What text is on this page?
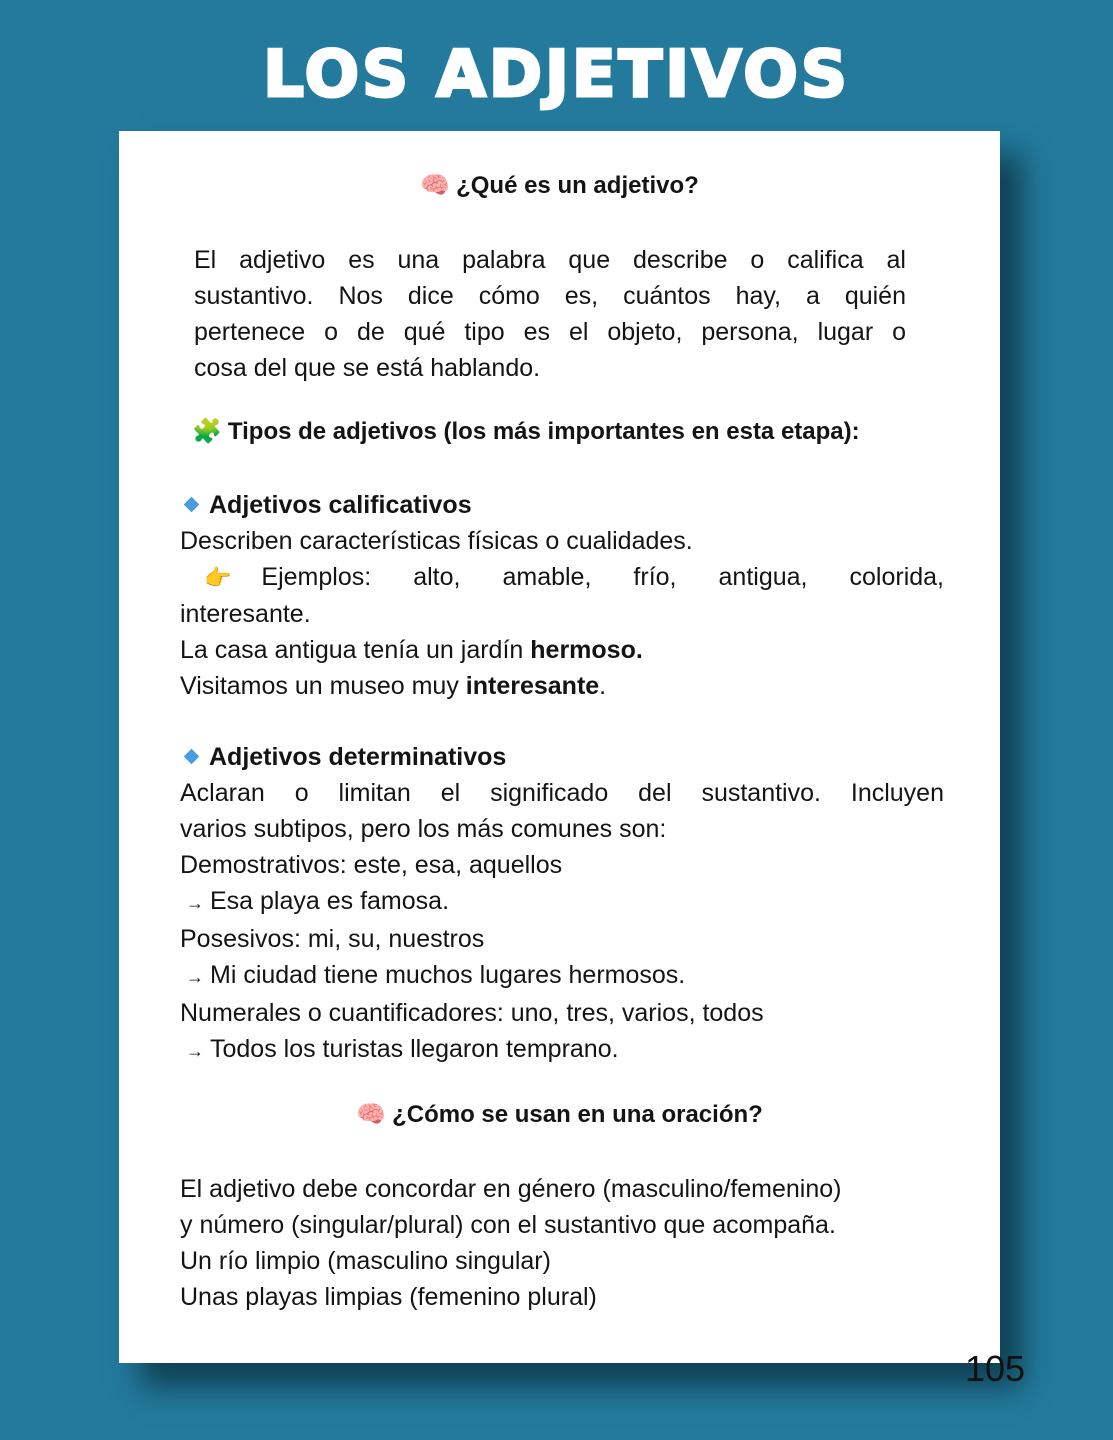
LOS ADJETIVOS
🧠 ¿Qué es un adjetivo?
El adjetivo es una palabra que describe o califica al
sustantivo. Nos dice cómo es, cuántos hay, a quién
pertenece o de qué tipo es el objeto, persona, lugar o
cosa del que se está hablando.
🧩 Tipos de adjetivos (los más importantes en esta etapa):
Adjetivos calificativos
Describen características físicas o cualidades.
👉 Ejemplos: alto, amable, frío, antigua, colorida,
interesante.
La casa antigua tenía un jardín hermoso.
Visitamos un museo muy interesante.
Adjetivos determinativos
Aclaran o limitan el significado del sustantivo. Incluyen
varios subtipos, pero los más comunes son:
Demostrativos: este, esa, aquellos
→ Esa playa es famosa.
Posesivos: mi, su, nuestros
→ Mi ciudad tiene muchos lugares hermosos.
Numerales o cuantificadores: uno, tres, varios, todos
→ Todos los turistas llegaron temprano.
🧠 ¿Cómo se usan en una oración?
El adjetivo debe concordar en género (masculino/femenino)
y número (singular/plural) con el sustantivo que acompaña.
Un río limpio (masculino singular)
Unas playas limpias (femenino plural)
105
